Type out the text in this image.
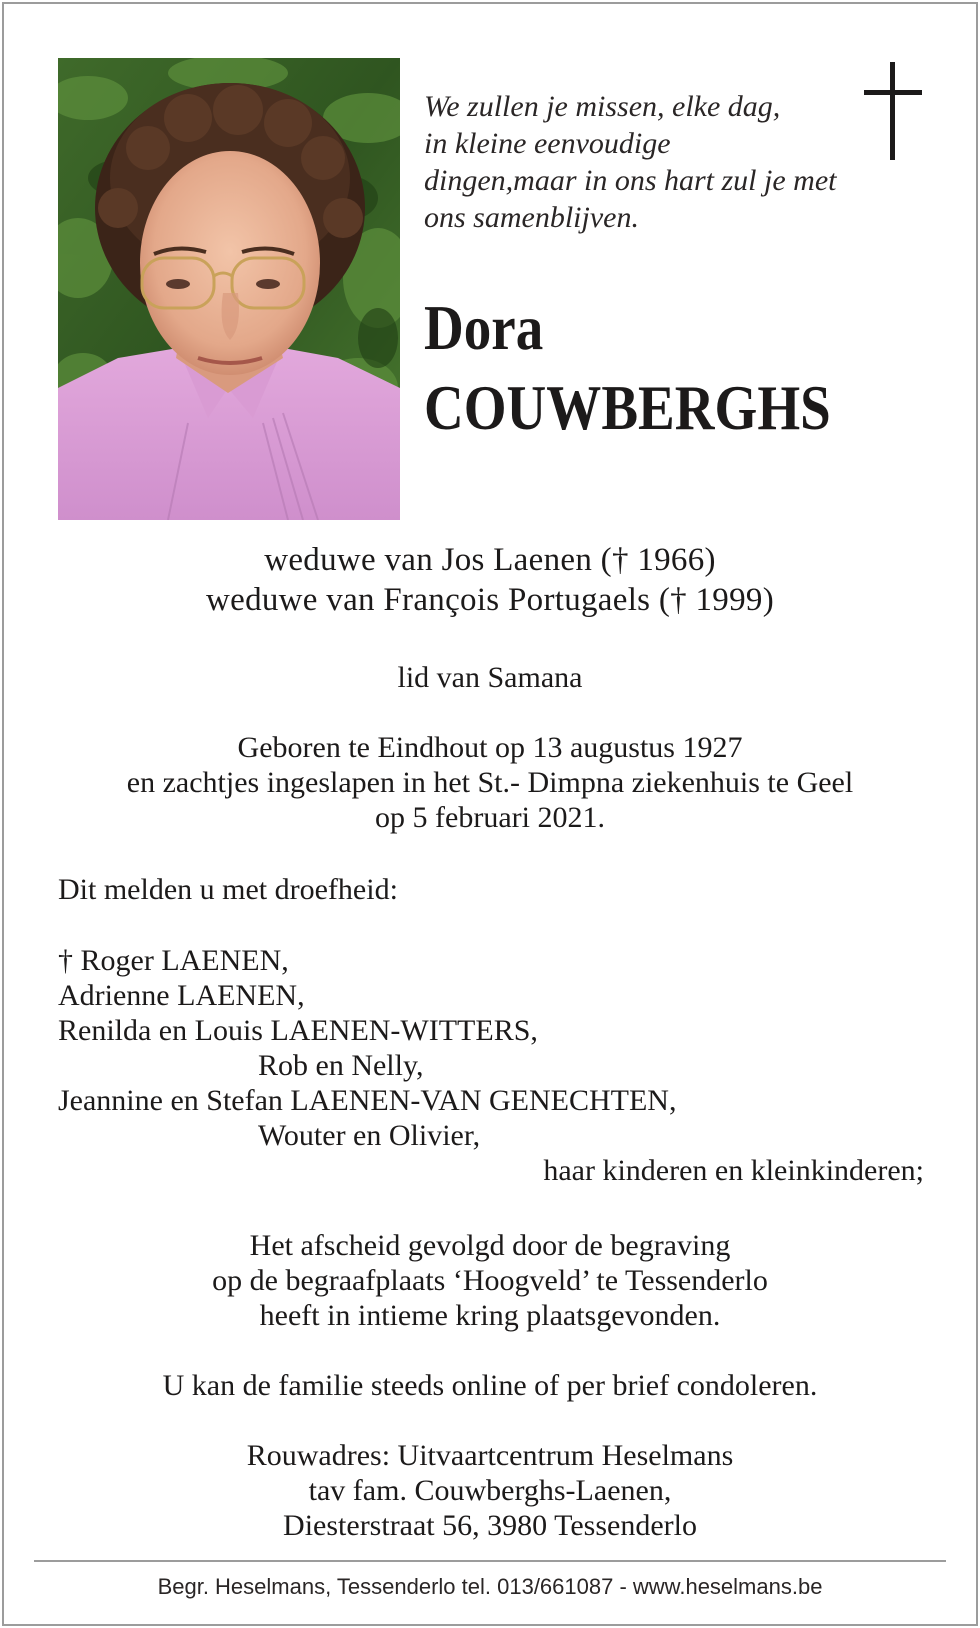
We zullen je missen, elke dag,
in kleine eenvoudige
dingen,maar in ons hart zul je met
ons samenblijven.
Dora
COUWBERGHS
weduwe van Jos Laenen († 1966)
weduwe van François Portugaels († 1999)
lid van Samana
Geboren te Eindhout op 13 augustus 1927
en zachtjes ingeslapen in het St.- Dimpna ziekenhuis te Geel
op 5 februari 2021.
Dit melden u met droefheid:
† Roger LAENEN,
Adrienne LAENEN,
Renilda en Louis LAENEN-WITTERS,
Rob en Nelly,
Jeannine en Stefan LAENEN-VAN GENECHTEN,
Wouter en Olivier,
haar kinderen en kleinkinderen;
Het afscheid gevolgd door de begraving
op de begraafplaats ‘Hoogveld’ te Tessenderlo
heeft in intieme kring plaatsgevonden.
U kan de familie steeds online of per brief condoleren.
Rouwadres: Uitvaartcentrum Heselmans
tav fam. Couwberghs-Laenen,
Diesterstraat 56, 3980 Tessenderlo
Begr. Heselmans, Tessenderlo tel. 013/661087 - www.heselmans.be
